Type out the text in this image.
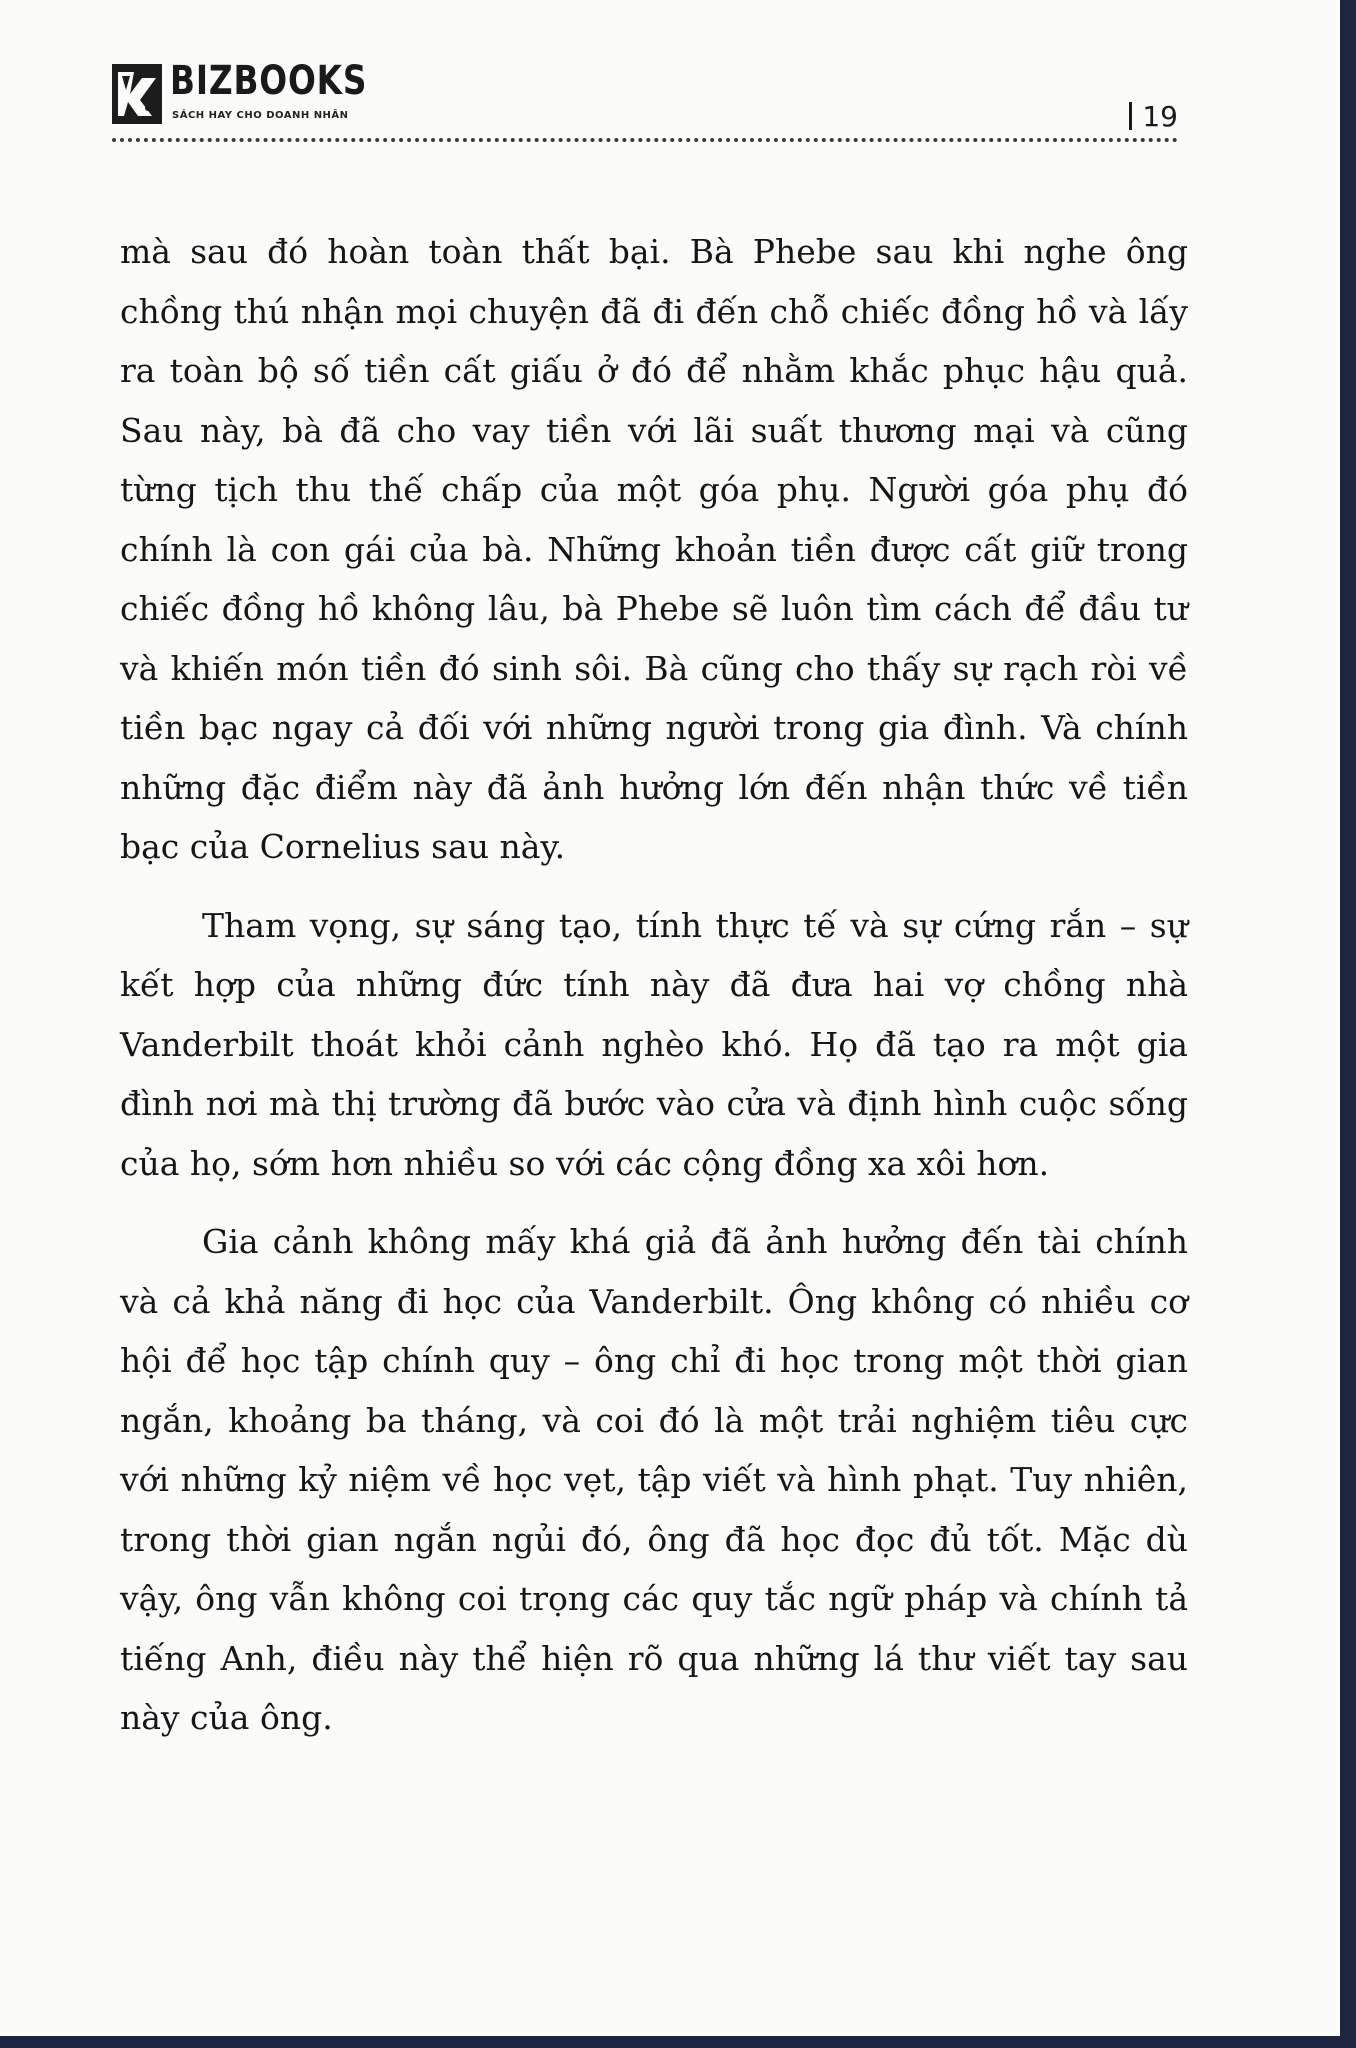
BIZBOOKS
SÁCH HAY CHO DOANH NHÂN	19

mà sau đó hoàn toàn thất bại. Bà Phebe sau khi nghe ông chồng thú nhận mọi chuyện đã đi đến chỗ chiếc đồng hồ và lấy ra toàn bộ số tiền cất giấu ở đó để nhằm khắc phục hậu quả. Sau này, bà đã cho vay tiền với lãi suất thương mại và cũng từng tịch thu thế chấp của một góa phụ. Người góa phụ đó chính là con gái của bà. Những khoản tiền được cất giữ trong chiếc đồng hồ không lâu, bà Phebe sẽ luôn tìm cách để đầu tư và khiến món tiền đó sinh sôi. Bà cũng cho thấy sự rạch ròi về tiền bạc ngay cả đối với những người trong gia đình. Và chính những đặc điểm này đã ảnh hưởng lớn đến nhận thức về tiền bạc của Cornelius sau này.

Tham vọng, sự sáng tạo, tính thực tế và sự cứng rắn – sự kết hợp của những đức tính này đã đưa hai vợ chồng nhà Vanderbilt thoát khỏi cảnh nghèo khó. Họ đã tạo ra một gia đình nơi mà thị trường đã bước vào cửa và định hình cuộc sống của họ, sớm hơn nhiều so với các cộng đồng xa xôi hơn.

Gia cảnh không mấy khá giả đã ảnh hưởng đến tài chính và cả khả năng đi học của Vanderbilt. Ông không có nhiều cơ hội để học tập chính quy – ông chỉ đi học trong một thời gian ngắn, khoảng ba tháng, và coi đó là một trải nghiệm tiêu cực với những kỷ niệm về học vẹt, tập viết và hình phạt. Tuy nhiên, trong thời gian ngắn ngủi đó, ông đã học đọc đủ tốt. Mặc dù vậy, ông vẫn không coi trọng các quy tắc ngữ pháp và chính tả tiếng Anh, điều này thể hiện rõ qua những lá thư viết tay sau này của ông.
